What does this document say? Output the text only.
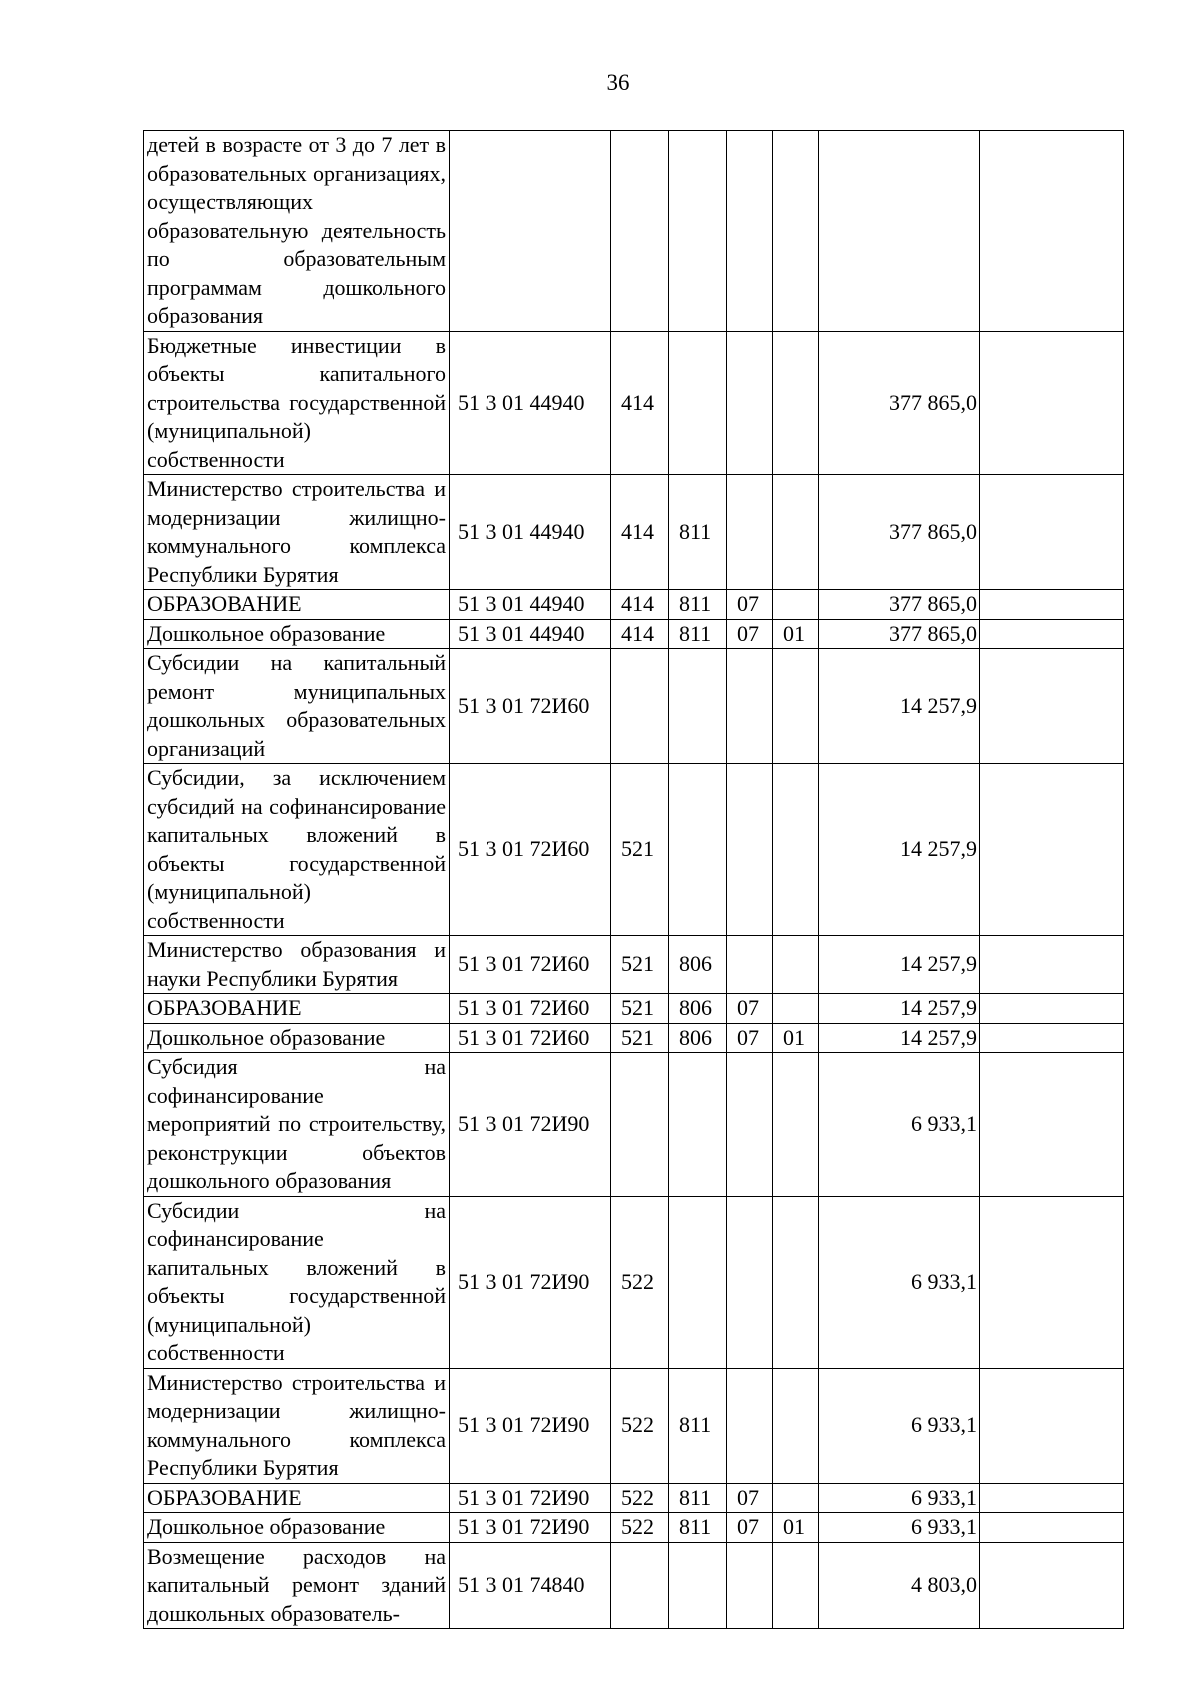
36
детей в возрасте от 3 до 7 лет в образовательных организациях, осуществляющих образовательную деятельность по образовательным программам дошкольного образования							
Бюджетные инвестиции в объекты капитального строительства государственной (муниципальной) собственности	51 3 01 44940	414				377 865,0	
Министерство строительства и модернизации жилищно-коммунального комплекса Республики Бурятия	51 3 01 44940	414	811			377 865,0	
ОБРАЗОВАНИЕ	51 3 01 44940	414	811	07		377 865,0	
Дошкольное образование	51 3 01 44940	414	811	07	01	377 865,0	
Субсидии на капитальный ремонт муниципальных дошкольных образовательных организаций	51 3 01 72И60					14 257,9	
Субсидии, за исключением субсидий на софинансирование капитальных вложений в объекты государственной (муниципальной) собственности	51 3 01 72И60	521				14 257,9	
Министерство образования и науки Республики Бурятия	51 3 01 72И60	521	806			14 257,9	
ОБРАЗОВАНИЕ	51 3 01 72И60	521	806	07		14 257,9	
Дошкольное образование	51 3 01 72И60	521	806	07	01	14 257,9	
Субсидия на софинансирование мероприятий по строительству, реконструкции объектов дошкольного образования	51 3 01 72И90					6 933,1	
Субсидии на софинансирование капитальных вложений в объекты государственной (муниципальной) собственности	51 3 01 72И90	522				6 933,1	
Министерство строительства и модернизации жилищно-коммунального комплекса Республики Бурятия	51 3 01 72И90	522	811			6 933,1	
ОБРАЗОВАНИЕ	51 3 01 72И90	522	811	07		6 933,1	
Дошкольное образование	51 3 01 72И90	522	811	07	01	6 933,1	
Возмещение расходов на капитальный ремонт зданий дошкольных образователь-	51 3 01 74840					4 803,0	
